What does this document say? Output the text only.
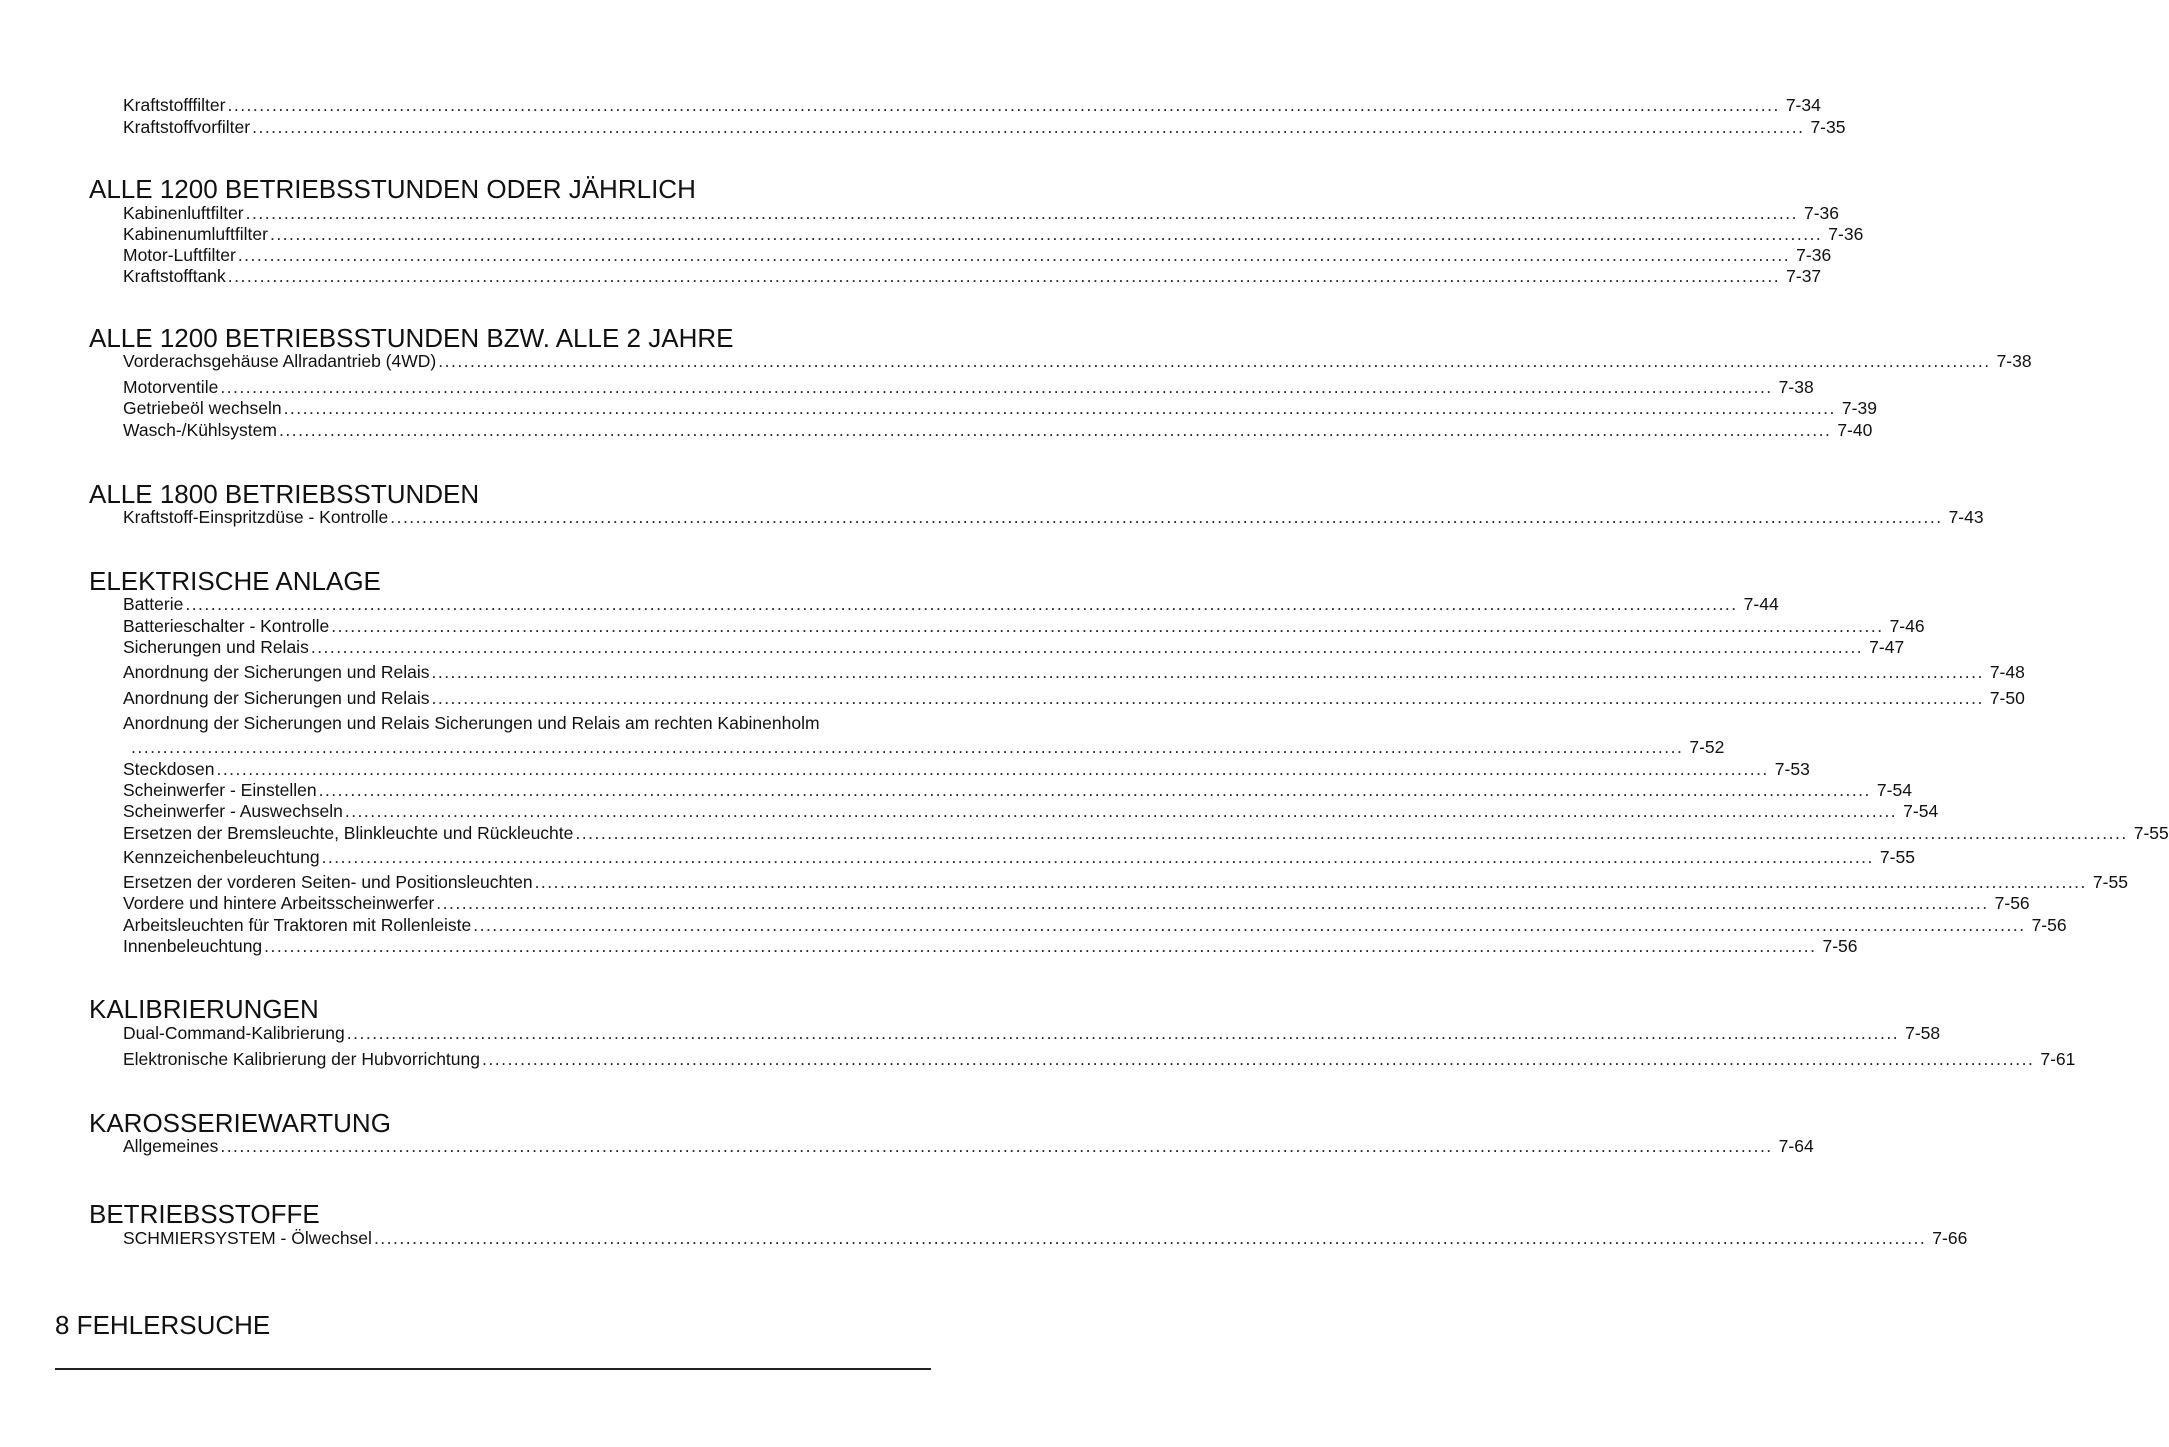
Kraftstofffilter .................................................................................................................................................................................................................................................... 7-34
Kraftstoffvorfilter .................................................................................................................................................................................................................................................... 7-35
ALLE 1200 BETRIEBSSTUNDEN ODER JÄHRLICH
Kabinenluftfilter .................................................................................................................................................................................................................................................... 7-36
Kabinenumluftfilter .................................................................................................................................................................................................................................................... 7-36
Motor-Luftfilter .................................................................................................................................................................................................................................................... 7-36
Kraftstofftank .................................................................................................................................................................................................................................................... 7-37
ALLE 1200 BETRIEBSSTUNDEN BZW. ALLE 2 JAHRE
Vorderachsgehäuse Allradantrieb (4WD) .................................................................................................................................................................................................................................................... 7-38
Motorventile .................................................................................................................................................................................................................................................... 7-38
Getriebeöl wechseln .................................................................................................................................................................................................................................................... 7-39
Wasch-/Kühlsystem .................................................................................................................................................................................................................................................... 7-40
ALLE 1800 BETRIEBSSTUNDEN
Kraftstoff-Einspritzdüse - Kontrolle .................................................................................................................................................................................................................................................... 7-43
ELEKTRISCHE ANLAGE
Batterie .................................................................................................................................................................................................................................................... 7-44
Batterieschalter - Kontrolle .................................................................................................................................................................................................................................................... 7-46
Sicherungen und Relais .................................................................................................................................................................................................................................................... 7-47
Anordnung der Sicherungen und Relais .................................................................................................................................................................................................................................................... 7-48
Anordnung der Sicherungen und Relais .................................................................................................................................................................................................................................................... 7-50
Anordnung der Sicherungen und Relais Sicherungen und Relais am rechten Kabinenholm
.................................................................................................................................................................................................................................................... 7-52
Steckdosen .................................................................................................................................................................................................................................................... 7-53
Scheinwerfer - Einstellen .................................................................................................................................................................................................................................................... 7-54
Scheinwerfer - Auswechseln .................................................................................................................................................................................................................................................... 7-54
Ersetzen der Bremsleuchte, Blinkleuchte und Rückleuchte .................................................................................................................................................................................................................................................... 7-55
Kennzeichenbeleuchtung .................................................................................................................................................................................................................................................... 7-55
Ersetzen der vorderen Seiten- und Positionsleuchten .................................................................................................................................................................................................................................................... 7-55
Vordere und hintere Arbeitsscheinwerfer .................................................................................................................................................................................................................................................... 7-56
Arbeitsleuchten für Traktoren mit Rollenleiste .................................................................................................................................................................................................................................................... 7-56
Innenbeleuchtung .................................................................................................................................................................................................................................................... 7-56
KALIBRIERUNGEN
Dual-Command-Kalibrierung .................................................................................................................................................................................................................................................... 7-58
Elektronische Kalibrierung der Hubvorrichtung .................................................................................................................................................................................................................................................... 7-61
KAROSSERIEWARTUNG
Allgemeines .................................................................................................................................................................................................................................................... 7-64
BETRIEBSSTOFFE
SCHMIERSYSTEM - Ölwechsel .................................................................................................................................................................................................................................................... 7-66
8 FEHLERSUCHE
